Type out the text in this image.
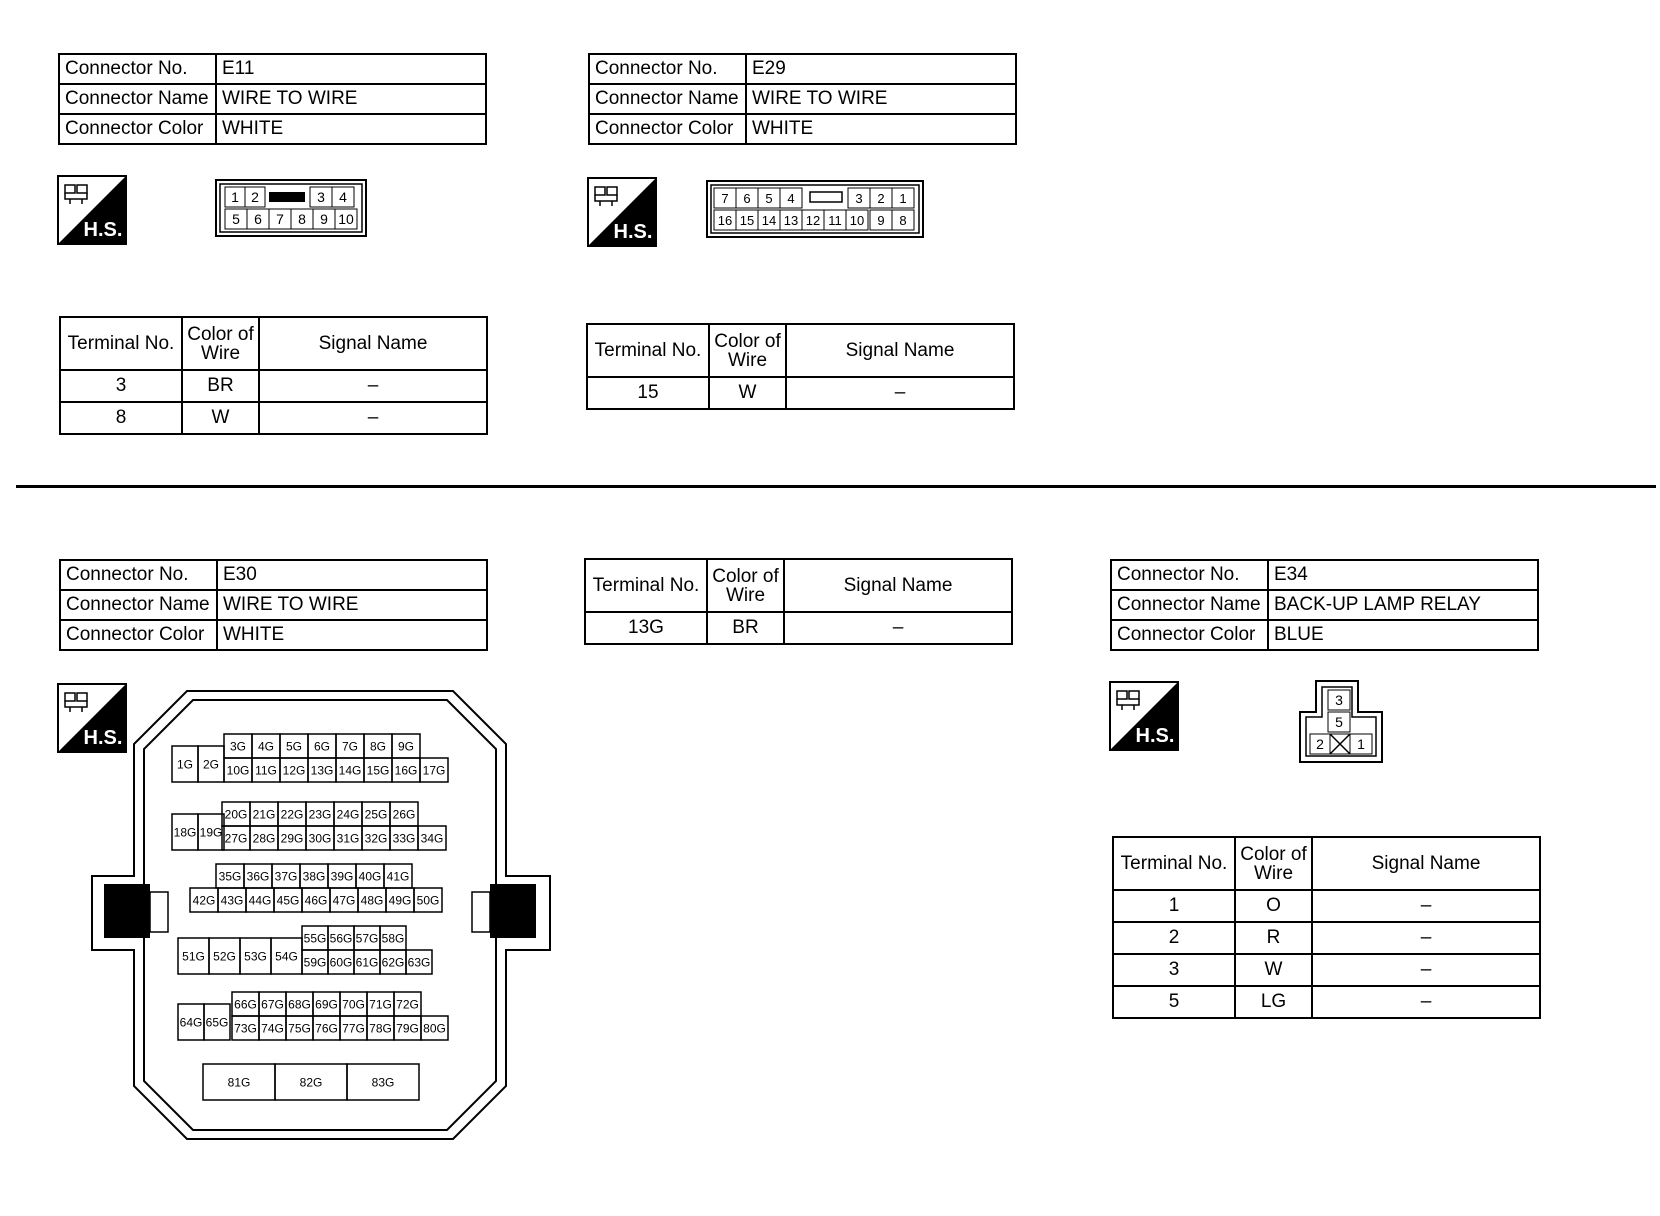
Connector No.	E11
Connector Name	WIRE TO WIRE
Connector Color	WHITE
H.S.
1 2	3 4
5 6 7 8 9 10
Terminal No.	Color of
Wire	Signal Name
3	BR	–
8	W	–
Connector No.	E29
Connector Name	WIRE TO WIRE
Connector Color	WHITE
H.S.
7 6 5 4	3 2 1
16 15 14 13 12 11 10 9 8
Terminal No.	Color of
Wire	Signal Name
15	W	–
Connector No.	E30
Connector Name	WIRE TO WIRE
Connector Color	WHITE
H.S.	3G 4G 5G 6G 7G 8G 9G
1G 2G 10G 11G 12G 13G 14G 15G 16G 17G
20G 21G 22G 23G 24G 25G 26G
18G 19G 27G 28G 29G 30G 31G 32G 33G 34G
35G 36G 37G 38G 39G 40G 41G
42G 43G 44G 45G 46G 47G 48G 49G 50G
55G 56G 57G 58G
51G 52G 53G 54G 59G 60G 61G 62G 63G
66G 67G 68G 69G 70G 71G 72G
64G 65G 73G 74G 75G 76G 77G 78G 79G 80G
81G	82G	83G
Terminal No.	Color of
Wire	Signal Name
13G	BR	–
Connector No.	E34
Connector Name	BACK-UP LAMP RELAY
Connector Color	BLUE
H.S.
3
5
2 1
Terminal No.	Color of
Wire	Signal Name
1	O	–
2	R	–
3	W	–
5	LG	–
